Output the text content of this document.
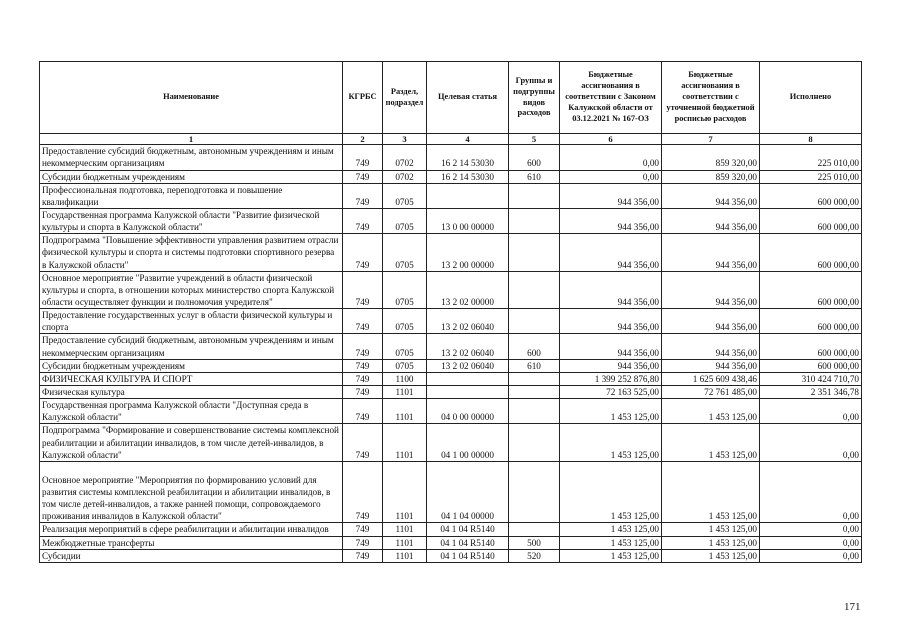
Наименование	КГРБС	Раздел, подраздел	Целевая статья	Группы и подгруппы видов расходов	Бюджетные ассигнования в соответствии с Законом Калужской области от 03.12.2021 № 167-ОЗ	Бюджетные ассигнования в соответствии с уточненной бюджетной росписью расходов	Исполнено
1	2	3	4	5	6	7	8
Предоставление субсидий бюджетным, автономным учреждениям и иным некоммерческим организациям	749	0702	16 2 14 53030	600	0,00	859 320,00	225 010,00
Субсидии бюджетным учреждениям	749	0702	16 2 14 53030	610	0,00	859 320,00	225 010,00
Профессиональная подготовка, переподготовка и повышение квалификации	749	0705			944 356,00	944 356,00	600 000,00
Государственная программа Калужской области "Развитие физической культуры и спорта в Калужской области"	749	0705	13 0 00 00000		944 356,00	944 356,00	600 000,00
Подпрограмма "Повышение эффективности управления развитием отрасли физической культуры и спорта и системы подготовки спортивного резерва в Калужской области"	749	0705	13 2 00 00000		944 356,00	944 356,00	600 000,00
Основное мероприятие "Развитие учреждений в области физической культуры и спорта, в отношении которых министерство спорта Калужской области осуществляет функции и полномочия учредителя"	749	0705	13 2 02 00000		944 356,00	944 356,00	600 000,00
Предоставление государственных услуг в области физической культуры и спорта	749	0705	13 2 02 06040		944 356,00	944 356,00	600 000,00
Предоставление субсидий бюджетным, автономным учреждениям и иным некоммерческим организациям	749	0705	13 2 02 06040	600	944 356,00	944 356,00	600 000,00
Субсидии бюджетным учреждениям	749	0705	13 2 02 06040	610	944 356,00	944 356,00	600 000,00
ФИЗИЧЕСКАЯ КУЛЬТУРА И СПОРТ	749	1100			1 399 252 876,80	1 625 609 438,46	310 424 710,70
Физическая культура	749	1101			72 163 525,00	72 761 485,00	2 351 346,78
Государственная программа Калужской области "Доступная среда в Калужской области"	749	1101	04 0 00 00000		1 453 125,00	1 453 125,00	0,00
Подпрограмма "Формирование и совершенствование системы комплексной реабилитации и абилитации инвалидов, в том числе детей-инвалидов, в Калужской области"	749	1101	04 1 00 00000		1 453 125,00	1 453 125,00	0,00
Основное мероприятие "Мероприятия по формированию условий для развития системы комплексной реабилитации и абилитации инвалидов, в том числе детей-инвалидов, а также ранней помощи, сопровождаемого проживания инвалидов в Калужской области"	749	1101	04 1 04 00000		1 453 125,00	1 453 125,00	0,00
Реализация мероприятий в сфере реабилитации и абилитации инвалидов	749	1101	04 1 04 R5140		1 453 125,00	1 453 125,00	0,00
Межбюджетные трансферты	749	1101	04 1 04 R5140	500	1 453 125,00	1 453 125,00	0,00
Субсидии	749	1101	04 1 04 R5140	520	1 453 125,00	1 453 125,00	0,00
171
